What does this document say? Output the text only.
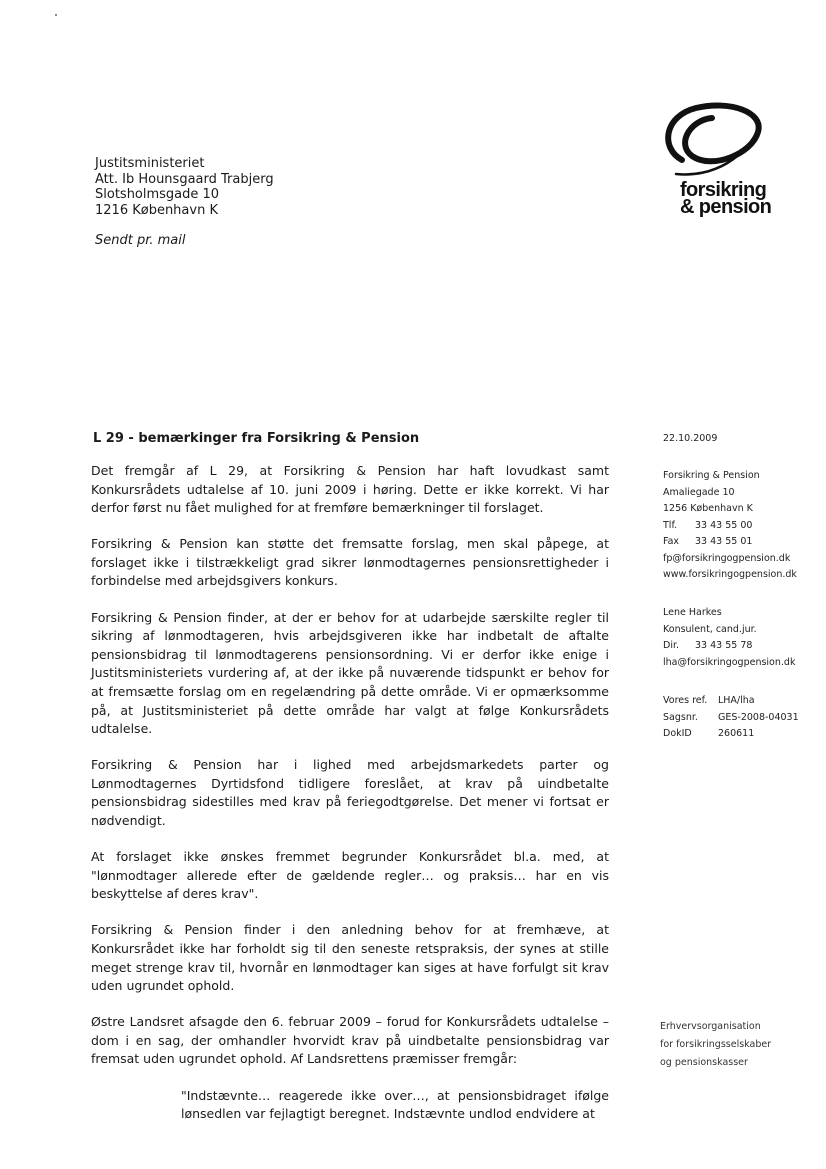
Justitsministeriet
Att. Ib Hounsgaard Trabjerg
Slotsholmsgade 10
1216 København K
Sendt pr. mail
forsikring
& pension
L 29 - bemærkinger fra Forsikring & Pension

Det fremgår af L 29, at Forsikring & Pension har haft lovudkast samt Konkursrådets udtalelse af 10. juni 2009 i høring. Dette er ikke korrekt. Vi har derfor først nu fået mulighed for at fremføre bemærkninger til forslaget.

Forsikring & Pension kan støtte det fremsatte forslag, men skal påpege, at forslaget ikke i tilstrækkeligt grad sikrer lønmodtagernes pensionsrettigheder i forbindelse med arbejdsgivers konkurs.

Forsikring & Pension finder, at der er behov for at udarbejde særskilte regler til sikring af lønmodtageren, hvis arbejdsgiveren ikke har indbetalt de aftalte pensionsbidrag til lønmodtagerens pensionsordning. Vi er derfor ikke enige i Justitsministeriets vurdering af, at der ikke på nuværende tidspunkt er behov for at fremsætte forslag om en regelændring på dette område. Vi er opmærksomme på, at Justitsministeriet på dette område har valgt at følge Konkursrådets udtalelse.

Forsikring & Pension har i lighed med arbejdsmarkedets parter og Lønmodtagernes Dyrtidsfond tidligere foreslået, at krav på uindbetalte pensionsbidrag sidestilles med krav på feriegodtgørelse. Det mener vi fortsat er nødvendigt.

At forslaget ikke ønskes fremmet begrunder Konkursrådet bl.a. med, at "lønmodtager allerede efter de gældende regler… og praksis… har en vis beskyttelse af deres krav".

Forsikring & Pension finder i den anledning behov for at fremhæve, at Konkursrådet ikke har forholdt sig til den seneste retspraksis, der synes at stille meget strenge krav til, hvornår en lønmodtager kan siges at have forfulgt sit krav uden ugrundet ophold.

Østre Landsret afsagde den 6. februar 2009 – forud for Konkursrådets udtalelse – dom i en sag, der omhandler hvorvidt krav på uindbetalte pensionsbidrag var fremsat uden ugrundet ophold. Af Landsrettens præmisser fremgår:

"Indstævnte… reagerede ikke over…, at pensionsbidraget ifølge lønsedlen var fejlagtigt beregnet. Indstævnte undlod endvidere at

22.10.2009
Forsikring & Pension
Amaliegade 10
1256 København K
Tlf. 33 43 55 00
Fax 33 43 55 01
fp@forsikringogpension.dk
www.forsikringogpension.dk
Lene Harkes
Konsulent, cand.jur.
Dir. 33 43 55 78
lha@forsikringogpension.dk
Vores ref. LHA/lha
Sagsnr. GES-2008-04031
DokID	260611
Erhvervsorganisation
for forsikringsselskaber
og pensionskasser
